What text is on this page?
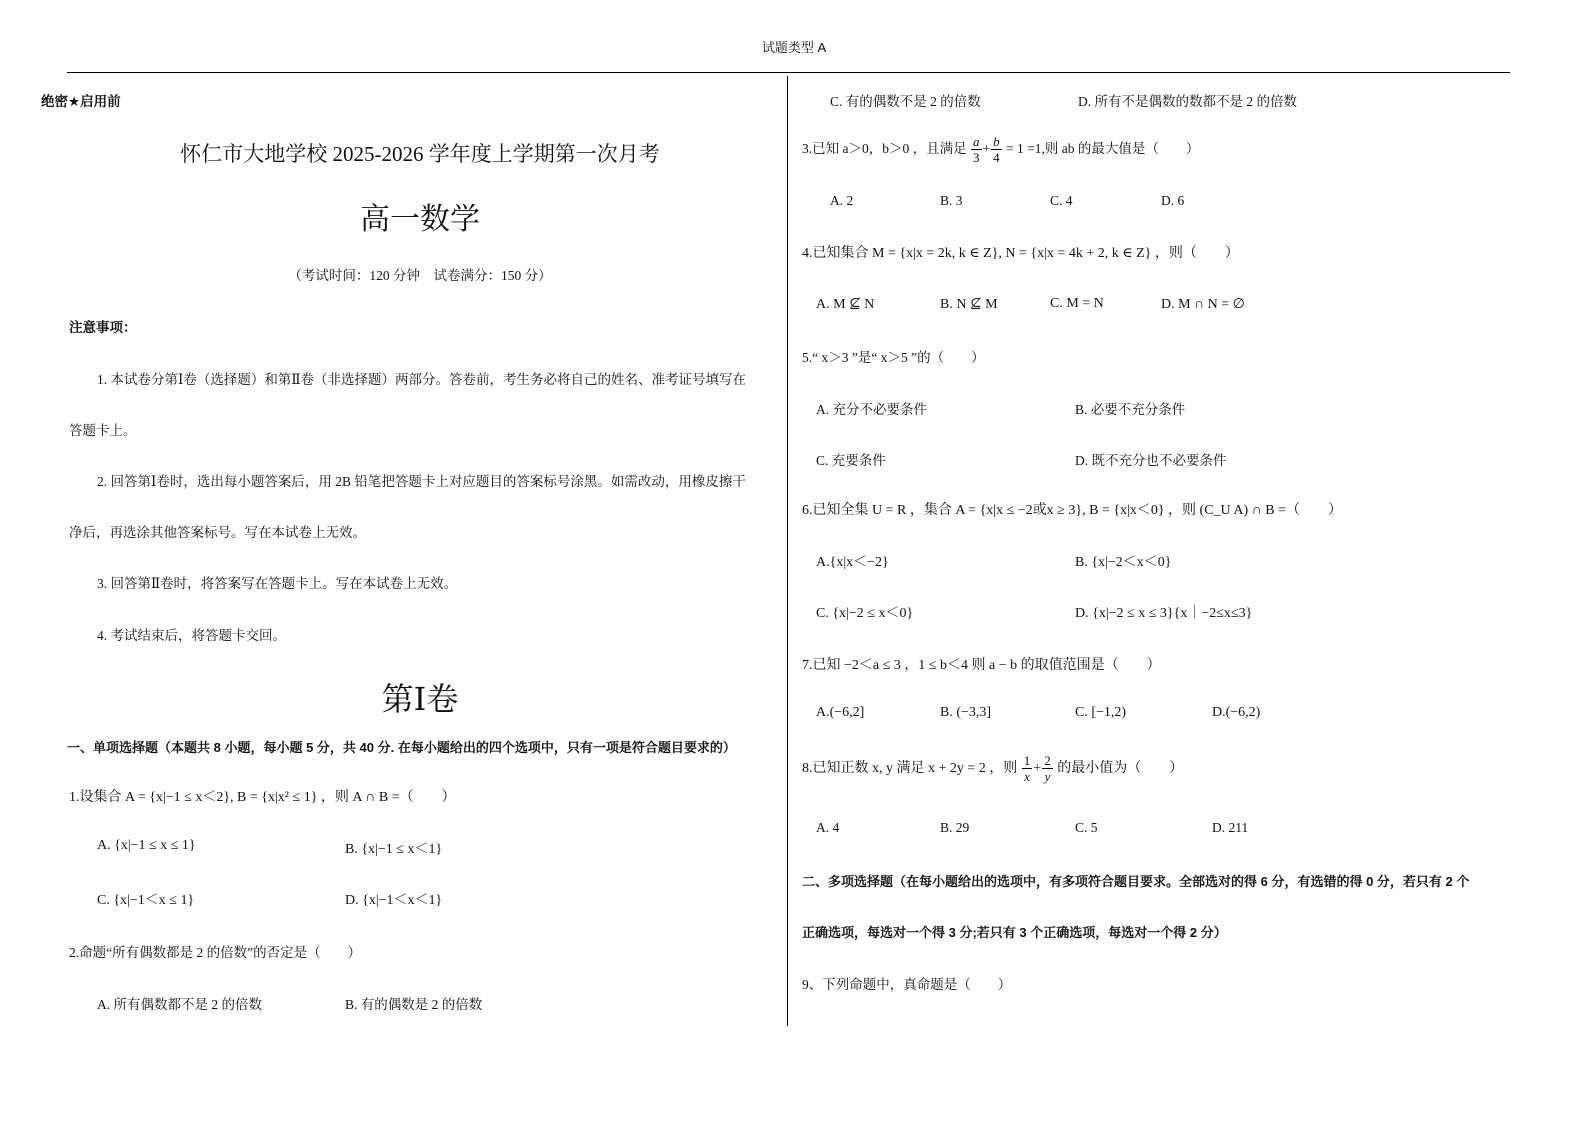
试题类型 A
绝密★启用前
怀仁市大地学校 2025-2026 学年度上学期第一次月考
高一数学
（考试时间：120 分钟　试卷满分：150 分）
注意事项：
1. 本试卷分第Ⅰ卷（选择题）和第Ⅱ卷（非选择题）两部分。答卷前，考生务必将自己的姓名、准考证号填写在
答题卡上。
2. 回答第Ⅰ卷时，选出每小题答案后，用 2B 铅笔把答题卡上对应题目的答案标号涂黑。如需改动，用橡皮擦干
净后，再选涂其他答案标号。写在本试卷上无效。
3. 回答第Ⅱ卷时，将答案写在答题卡上。写在本试卷上无效。
4. 考试结束后，将答题卡交回。
第Ⅰ卷
一、单项选择题（本题共 8 小题，每小题 5 分，共 40 分. 在每小题给出的四个选项中，只有一项是符合题目要求的）
1.设集合 A = {x|−1 ≤ x＜2}, B = {x|x² ≤ 1} ，则 A ∩ B =（　　）
A. {x|−1 ≤ x ≤ 1}	B. {x|−1 ≤ x＜1}
C. {x|−1＜x ≤ 1}	D. {x|−1＜x＜1}
2.命题“所有偶数都是 2 的倍数”的否定是（　　）
A. 所有偶数都不是 2 的倍数	B. 有的偶数是 2 的倍数
C. 有的偶数不是 2 的倍数	D. 所有不是偶数的数都不是 2 的倍数
3.已知 a＞0，b＞0 ，且满足 $\frac{a}{3} + \frac{b}{4} = 1 =1$,则 ab 的最大值是（　　）
A. 2	B. 3	C. 4	D. 6
4.已知集合 M = {x|x = 2k, k ∈ Z}, N = {x|x = 4k + 2, k ∈ Z} ，则（　　）
A. M ⊈ N	B. N ⊈ M	C. M = N	D. M ∩ N = ∅
5.“ x＞3 ”是“ x＞5 ”的（　　）
A. 充分不必要条件	B. 必要不充分条件
C. 充要条件	D. 既不充分也不必要条件
6.已知全集 U = R ，集合 A = {x|x ≤ −2或x ≥ 3}, B = {x|x＜0} ，则 (C_U A) ∩ B =（　　）
A.{x|x＜−2}	B. {x|−2＜x＜0}
C. {x|−2 ≤ x＜0}	D. {x|−2 ≤ x ≤ 3}{x｜−2≤x≤3}
7.已知 −2＜a ≤ 3 ，1 ≤ b＜4 则 a − b 的取值范围是（　　）
A.(−6,2]	B. (−3,3]	C. [−1,2)	D.(−6,2)
8.已知正数 x, y 满足 x + 2y = 2 ，则 $\frac{1}{x} + \frac{2}{y}$ 的最小值为（　　）
A. 4	B. 29	C. 5	D. 211
二、多项选择题（在每小题给出的选项中，有多项符合题目要求。全部选对的得 6 分，有选错的得 0 分，若只有 2 个
正确选项，每选对一个得 3 分;若只有 3 个正确选项，每选对一个得 2 分）
9、下列命题中，真命题是（　　）
